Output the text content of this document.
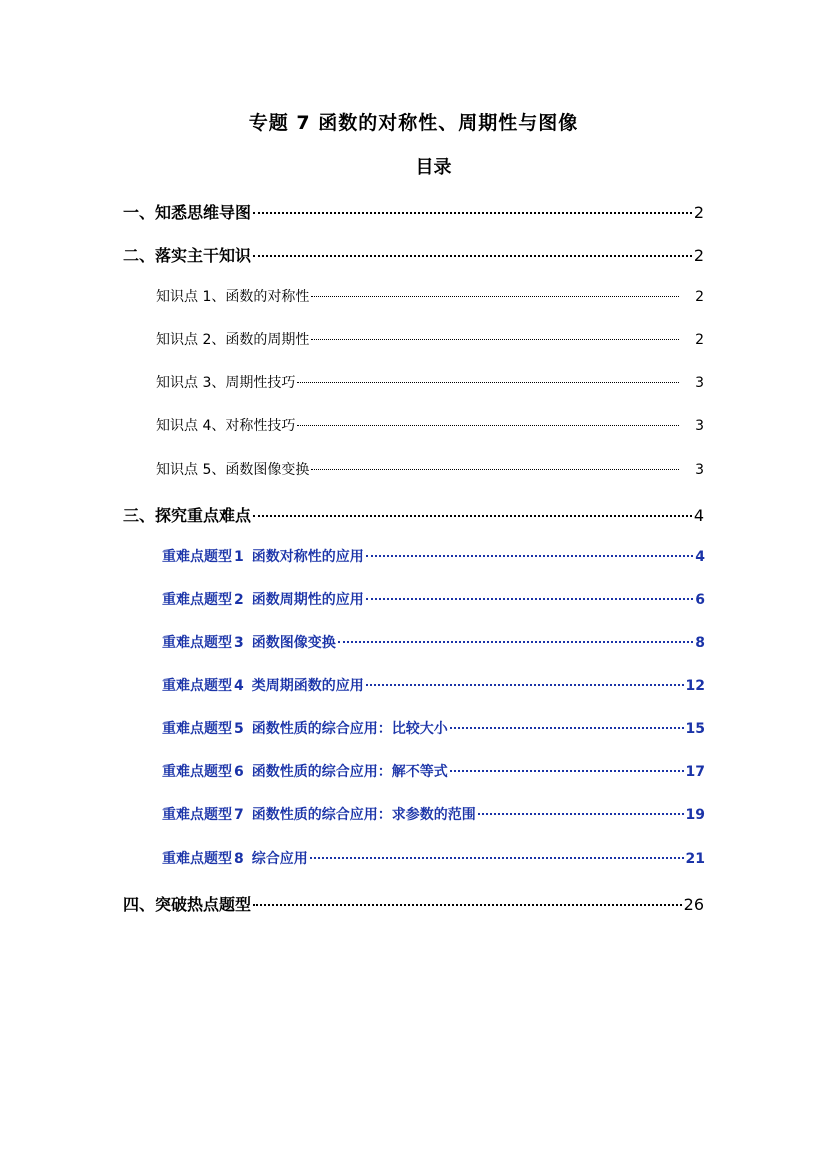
专题 7 函数的对称性、周期性与图像
目录
一、知悉思维导图	2
二、落实主干知识	2
知识点 1、函数的对称性	2
知识点 2、函数的周期性	2
知识点 3、周期性技巧	3
知识点 4、对称性技巧	3
知识点 5、函数图像变换	3
三、探究重点难点	4
重难点题型 1 函数对称性的应用	4
重难点题型 2 函数周期性的应用	6
重难点题型 3 函数图像变换	8
重难点题型 4 类周期函数的应用	12
重难点题型 5 函数性质的综合应用：比较大小	15
重难点题型 6 函数性质的综合应用：解不等式	17
重难点题型 7 函数性质的综合应用：求参数的范围	19
重难点题型 8 综合应用	21
四、突破热点题型	26
